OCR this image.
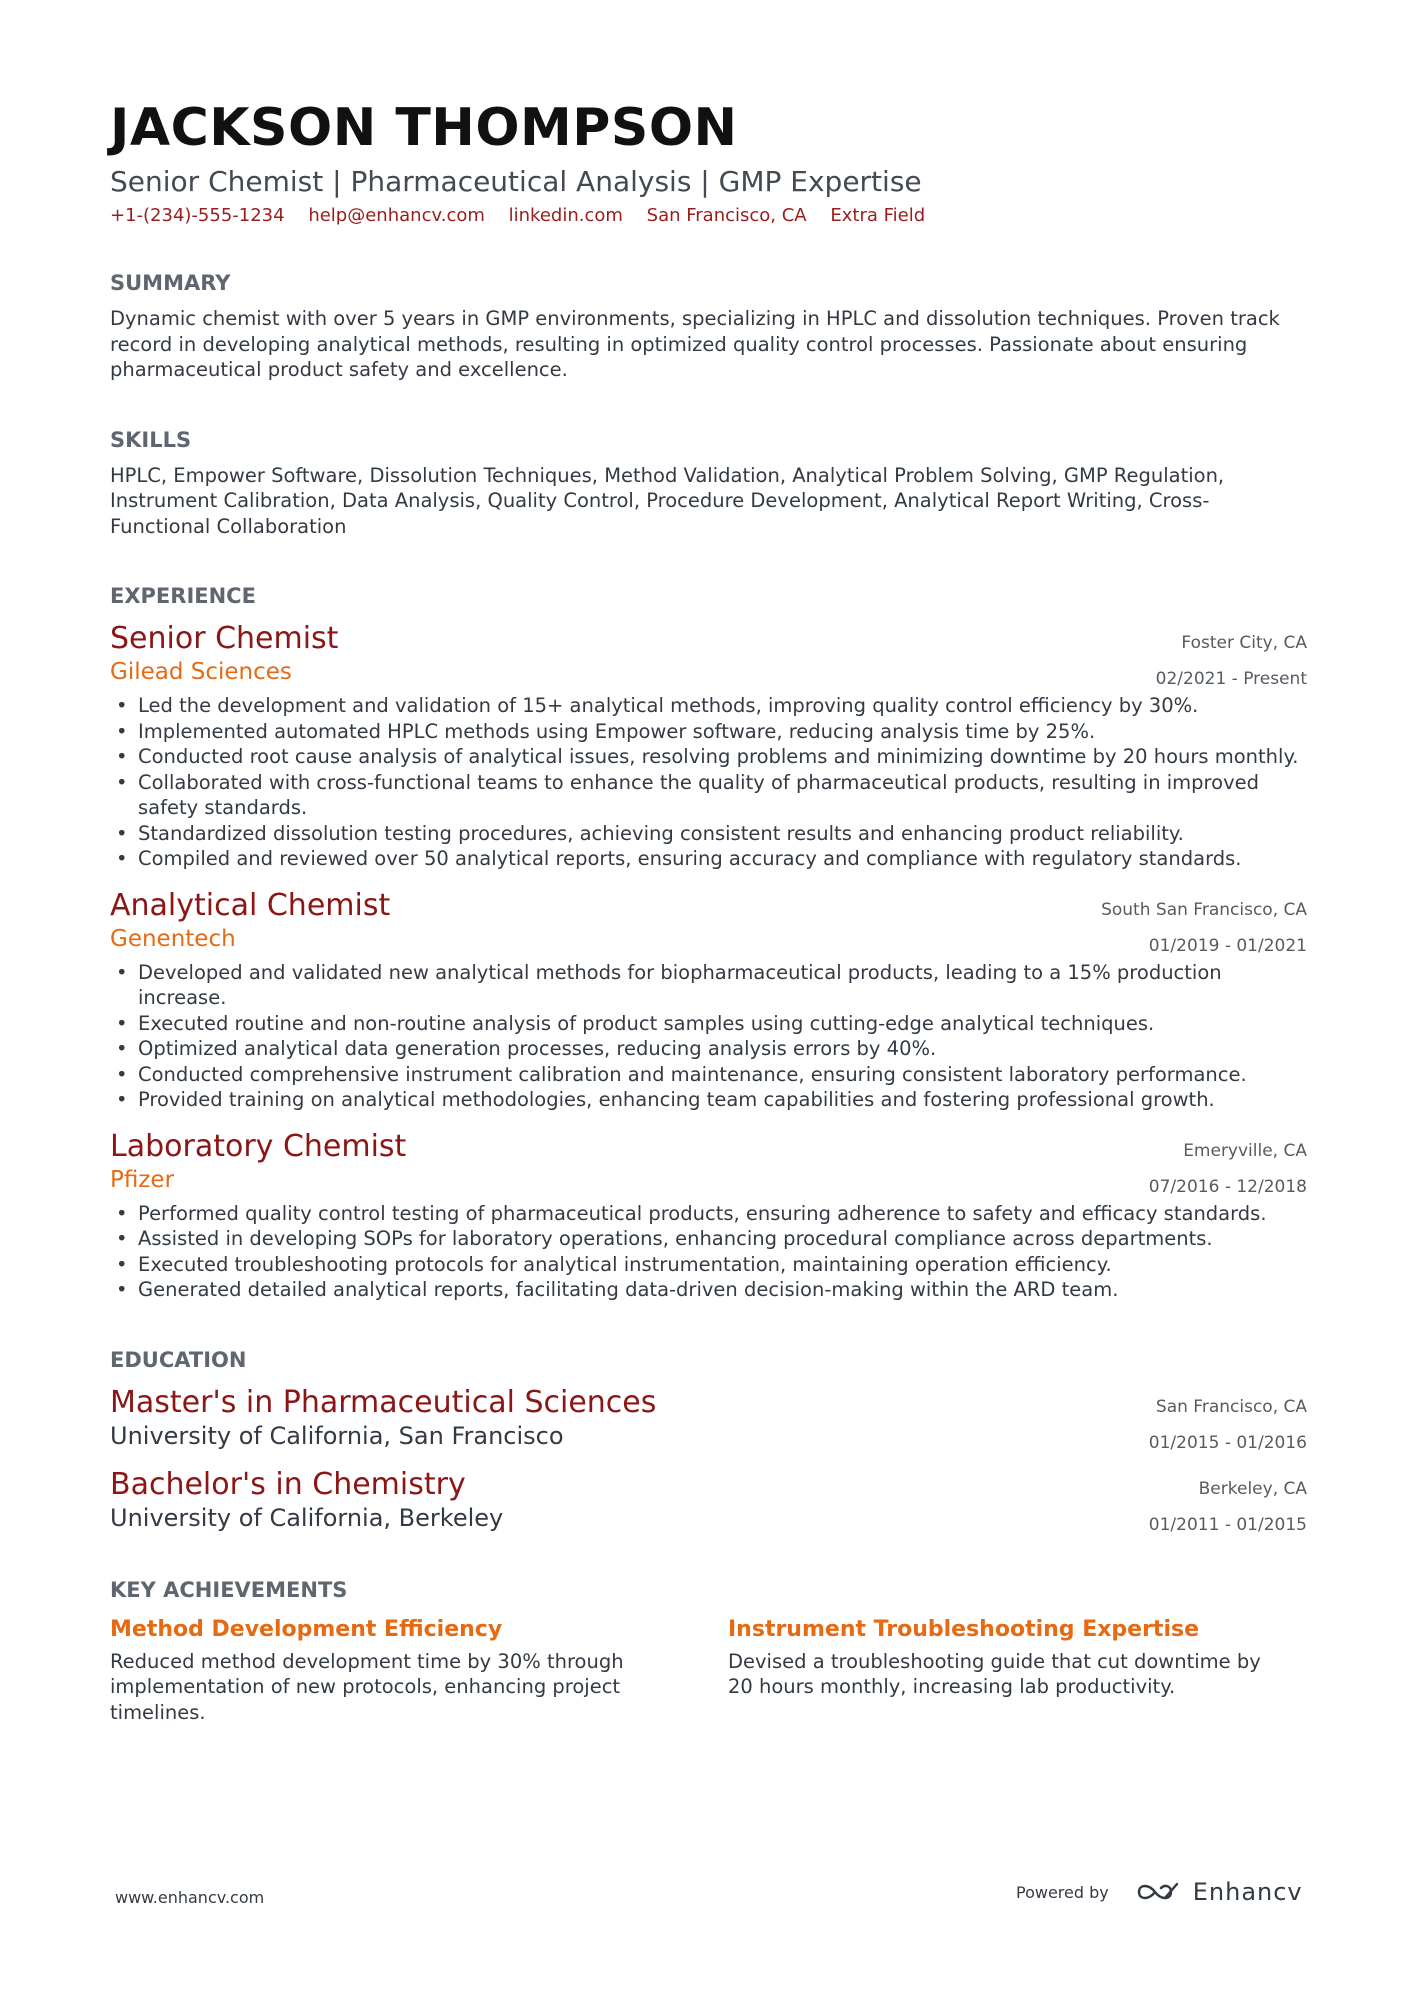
JACKSON THOMPSON
Senior Chemist | Pharmaceutical Analysis | GMP Expertise
+1-(234)-555-1234 help@enhancv.com linkedin.com San Francisco, CA Extra Field
SUMMARY
Dynamic chemist with over 5 years in GMP environments, specializing in HPLC and dissolution techniques. Proven track record in developing analytical methods, resulting in optimized quality control processes. Passionate about ensuring pharmaceutical product safety and excellence.
SKILLS
HPLC, Empower Software, Dissolution Techniques, Method Validation, Analytical Problem Solving, GMP Regulation, Instrument Calibration, Data Analysis, Quality Control, Procedure Development, Analytical Report Writing, Cross-Functional Collaboration
EXPERIENCE
Senior Chemist
Gilead Sciences
Foster City, CA
02/2021 - Present
• Led the development and validation of 15+ analytical methods, improving quality control efficiency by 30%.
• Implemented automated HPLC methods using Empower software, reducing analysis time by 25%.
• Conducted root cause analysis of analytical issues, resolving problems and minimizing downtime by 20 hours monthly.
• Collaborated with cross-functional teams to enhance the quality of pharmaceutical products, resulting in improved safety standards.
• Standardized dissolution testing procedures, achieving consistent results and enhancing product reliability.
• Compiled and reviewed over 50 analytical reports, ensuring accuracy and compliance with regulatory standards.
Analytical Chemist
Genentech
South San Francisco, CA
01/2019 - 01/2021
• Developed and validated new analytical methods for biopharmaceutical products, leading to a 15% production increase.
• Executed routine and non-routine analysis of product samples using cutting-edge analytical techniques.
• Optimized analytical data generation processes, reducing analysis errors by 40%.
• Conducted comprehensive instrument calibration and maintenance, ensuring consistent laboratory performance.
• Provided training on analytical methodologies, enhancing team capabilities and fostering professional growth.
Laboratory Chemist
Pfizer
Emeryville, CA
07/2016 - 12/2018
• Performed quality control testing of pharmaceutical products, ensuring adherence to safety and efficacy standards.
• Assisted in developing SOPs for laboratory operations, enhancing procedural compliance across departments.
• Executed troubleshooting protocols for analytical instrumentation, maintaining operation efficiency.
• Generated detailed analytical reports, facilitating data-driven decision-making within the ARD team.
EDUCATION
Master's in Pharmaceutical Sciences
University of California, San Francisco
San Francisco, CA
01/2015 - 01/2016
Bachelor's in Chemistry
University of California, Berkeley
Berkeley, CA
01/2011 - 01/2015
KEY ACHIEVEMENTS
Method Development Efficiency
Reduced method development time by 30% through implementation of new protocols, enhancing project timelines.
Instrument Troubleshooting Expertise
Devised a troubleshooting guide that cut downtime by 20 hours monthly, increasing lab productivity.
www.enhancv.com	Powered by	Enhancv
